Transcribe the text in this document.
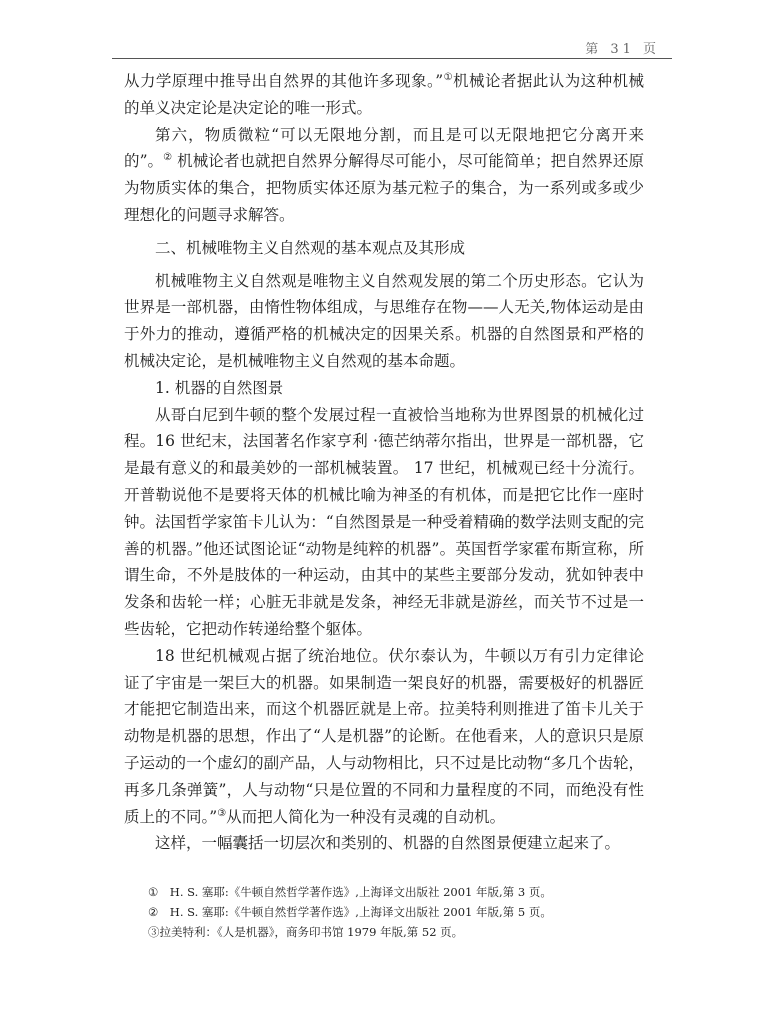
第 31 页

从力学原理中推导出自然界的其他许多现象。”①机械论者据此认为这种机械的单义决定论是决定论的唯一形式。

第六，物质微粒“可以无限地分割，而且是可以无限地把它分离开来的”。② 机械论者也就把自然界分解得尽可能小，尽可能简单；把自然界还原为物质实体的集合，把物质实体还原为基元粒子的集合，为一系列或多或少理想化的问题寻求解答。

二、机械唯物主义自然观的基本观点及其形成

机械唯物主义自然观是唯物主义自然观发展的第二个历史形态。它认为世界是一部机器，由惰性物体组成，与思维存在物——人无关,物体运动是由于外力的推动，遵循严格的机械决定的因果关系。机器的自然图景和严格的机械决定论，是机械唯物主义自然观的基本命题。

1. 机器的自然图景

从哥白尼到牛顿的整个发展过程一直被恰当地称为世界图景的机械化过程。16 世纪末，法国著名作家亨利 ·德芒纳蒂尔指出，世界是一部机器，它是最有意义的和最美妙的一部机械装置。 17 世纪，机械观已经十分流行。开普勒说他不是要将天体的机械比喻为神圣的有机体，而是把它比作一座时钟。法国哲学家笛卡儿认为：“自然图景是一种受着精确的数学法则支配的完善的机器。”他还试图论证“动物是纯粹的机器”。英国哲学家霍布斯宣称，所谓生命，不外是肢体的一种运动，由其中的某些主要部分发动，犹如钟表中发条和齿轮一样；心脏无非就是发条，神经无非就是游丝，而关节不过是一些齿轮，它把动作转递给整个躯体。

18 世纪机械观占据了统治地位。伏尔泰认为，牛顿以万有引力定律论证了宇宙是一架巨大的机器。如果制造一架良好的机器，需要极好的机器匠才能把它制造出来，而这个机器匠就是上帝。拉美特利则推进了笛卡儿关于动物是机器的思想，作出了“人是机器”的论断。在他看来，人的意识只是原子运动的一个虚幻的副产品，人与动物相比，只不过是比动物“多几个齿轮，再多几条弹簧”，人与动物“只是位置的不同和力量程度的不同，而绝没有性质上的不同。”③从而把人简化为一种没有灵魂的自动机。

这样，一幅囊括一切层次和类别的、机器的自然图景便建立起来了。

①　H. S. 塞耶:《牛顿自然哲学著作选》,上海译文出版社 2001 年版,第 3 页。

②　H. S. 塞耶:《牛顿自然哲学著作选》,上海译文出版社 2001 年版,第 5 页。

③拉美特利：《人是机器》，商务印书馆 1979 年版,第 52 页。
